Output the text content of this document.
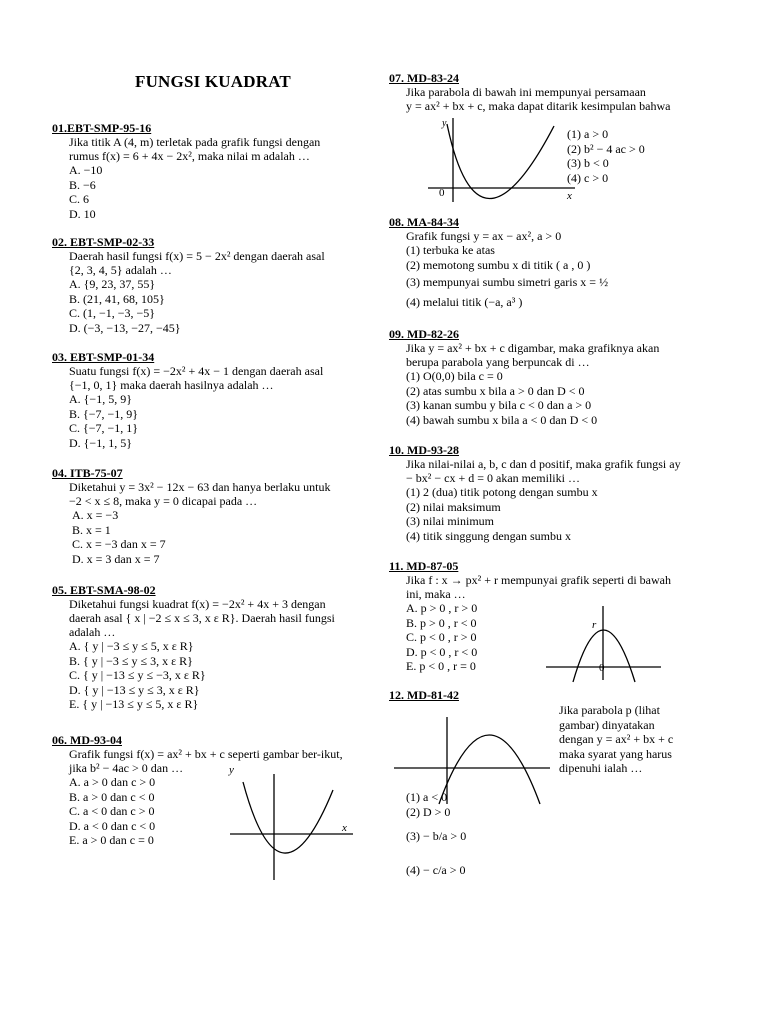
FUNGSI KUADRAT
01.EBT-SMP-95-16
Jika titik A (4, m) terletak pada grafik fungsi dengan
rumus f(x) = 6 + 4x − 2x², maka nilai m adalah …
A. −10
B. −6
C. 6
D. 10
02. EBT-SMP-02-33
Daerah hasil fungsi f(x) = 5 − 2x² dengan daerah asal
{2, 3, 4, 5} adalah …
A. {9, 23, 37, 55}
B. (21, 41, 68, 105}
C. (1, −1, −3, −5}
D. (−3, −13, −27, −45}
03. EBT-SMP-01-34
Suatu fungsi f(x) = −2x² + 4x − 1 dengan daerah asal
{−1, 0, 1} maka daerah hasilnya adalah …
A. {−1, 5, 9}
B. {−7, −1, 9}
C. {−7, −1, 1}
D. {−1, 1, 5}
04. ITB-75-07
Diketahui y = 3x² − 12x − 63 dan hanya berlaku untuk
−2 < x ≤ 8, maka y = 0 dicapai pada …
A. x = −3
B. x = 1
C. x = −3 dan x = 7
D. x = 3 dan x = 7
05. EBT-SMA-98-02
Diketahui fungsi kuadrat f(x) = −2x² + 4x + 3 dengan
daerah asal { x | −2 ≤ x ≤ 3, x ε R}. Daerah hasil fungsi
adalah …
A. { y | −3 ≤ y ≤ 5, x ε R}
B. { y | −3 ≤ y ≤ 3, x ε R}
C. { y | −13 ≤ y ≤ −3, x ε R}
D. { y | −13 ≤ y ≤ 3, x ε R}
E. { y | −13 ≤ y ≤ 5, x ε R}
06. MD-93-04
Grafik fungsi f(x) = ax² + bx + c seperti gambar ber-ikut,
jika b² − 4ac > 0 dan …
A. a > 0 dan c > 0
B. a > 0 dan c < 0
C. a < 0 dan c > 0
D. a < 0 dan c < 0
E. a > 0 dan c = 0
y
x
07. MD-83-24
Jika parabola di bawah ini mempunyai persamaan
y = ax² + bx + c, maka dapat ditarik kesimpulan bahwa
(1) a > 0
(2) b² − 4 ac > 0
(3) b < 0
(4) c > 0
y
0	x
08. MA-84-34
Grafik fungsi y = ax − ax², a > 0
(1) terbuka ke atas
(2) memotong sumbu x di titik ( a , 0 )
(3) mempunyai sumbu simetri garis x = ½
(4) melalui titik (−a, a³ )
09. MD-82-26
Jika y = ax² + bx + c digambar, maka grafiknya akan
berupa parabola yang berpuncak di …
(1) O(0,0) bila c = 0
(2) atas sumbu x bila a > 0 dan D < 0
(3) kanan sumbu y bila c < 0 dan a > 0
(4) bawah sumbu x bila a < 0 dan D < 0
10. MD-93-28
Jika nilai-nilai a, b, c dan d positif, maka grafik fungsi ay
− bx² − cx + d = 0 akan memiliki …
(1) 2 (dua) titik potong dengan sumbu x
(2) nilai maksimum
(3) nilai minimum
(4) titik singgung dengan sumbu x
11. MD-87-05
Jika f : x → px² + r mempunyai grafik seperti di bawah
ini, maka …
A. p > 0 , r > 0
B. p > 0 , r < 0
C. p < 0 , r > 0
D. p < 0 , r < 0
E. p < 0 , r = 0
r
0
12. MD-81-42
Jika parabola p (lihat
gambar) dinyatakan
dengan y = ax² + bx + c
maka syarat yang harus
dipenuhi ialah …
(1) a < 0
(2) D > 0
(3) − b/a > 0
(4) − c/a > 0
